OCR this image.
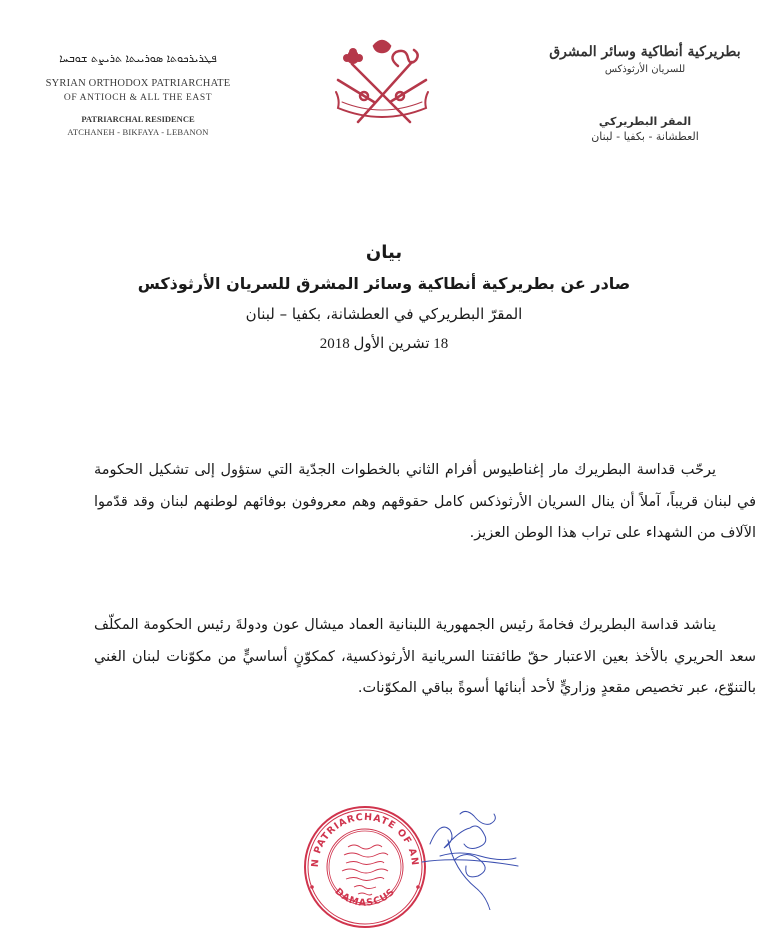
ܦܛܪܝܪܟܘܬܐ ܣܘܪܝܝܬܐ ܬܪܝܨܬ ܫܘܒܚܐ
SYRIAN ORTHODOX PATRIARCHATE
OF ANTIOCH & ALL THE EAST
PATRIARCHAL RESIDENCE
ATCHANEH - BIKFAYA - LEBANON
بطريركية أنطاكية وسائر المشرق
للسريان الأرثوذكس
المقر البطريركي
العطشانة - بكفيا - لبنان
بيان
صادر عن بطريركية أنطاكية وسائر المشرق للسريان الأرثوذكس
المقرّ البطريركي في العطشانة، بكفيا – لبنان
18 تشرين الأول 2018

يرحّب قداسة البطريرك مار إغناطيوس أفرام الثاني بالخطوات الجدّية التي ستؤول إلى تشكيل الحكومة في لبنان قريباً، آملاً أن ينال السريان الأرثوذكس كامل حقوقهم وهم معروفون بوفائهم لوطنهم لبنان وقد قدّموا الآلاف من الشهداء على تراب هذا الوطن العزيز.

يناشد قداسة البطريرك فخامةَ رئيس الجمهورية اللبنانية العماد ميشال عون ودولةَ رئيس الحكومة المكلّف سعد الحريري بالأخذ بعين الاعتبار حقّ طائفتنا السريانية الأرثوذكسية، كمكوّنٍ أساسيٍّ من مكوّنات لبنان الغني بالتنوّع، عبر تخصيص مقعدٍ وزاريٍّ لأحد أبنائها أسوةً بباقي المكوّنات.

N PATRIARCHATE OF AN
DAMASCUS
